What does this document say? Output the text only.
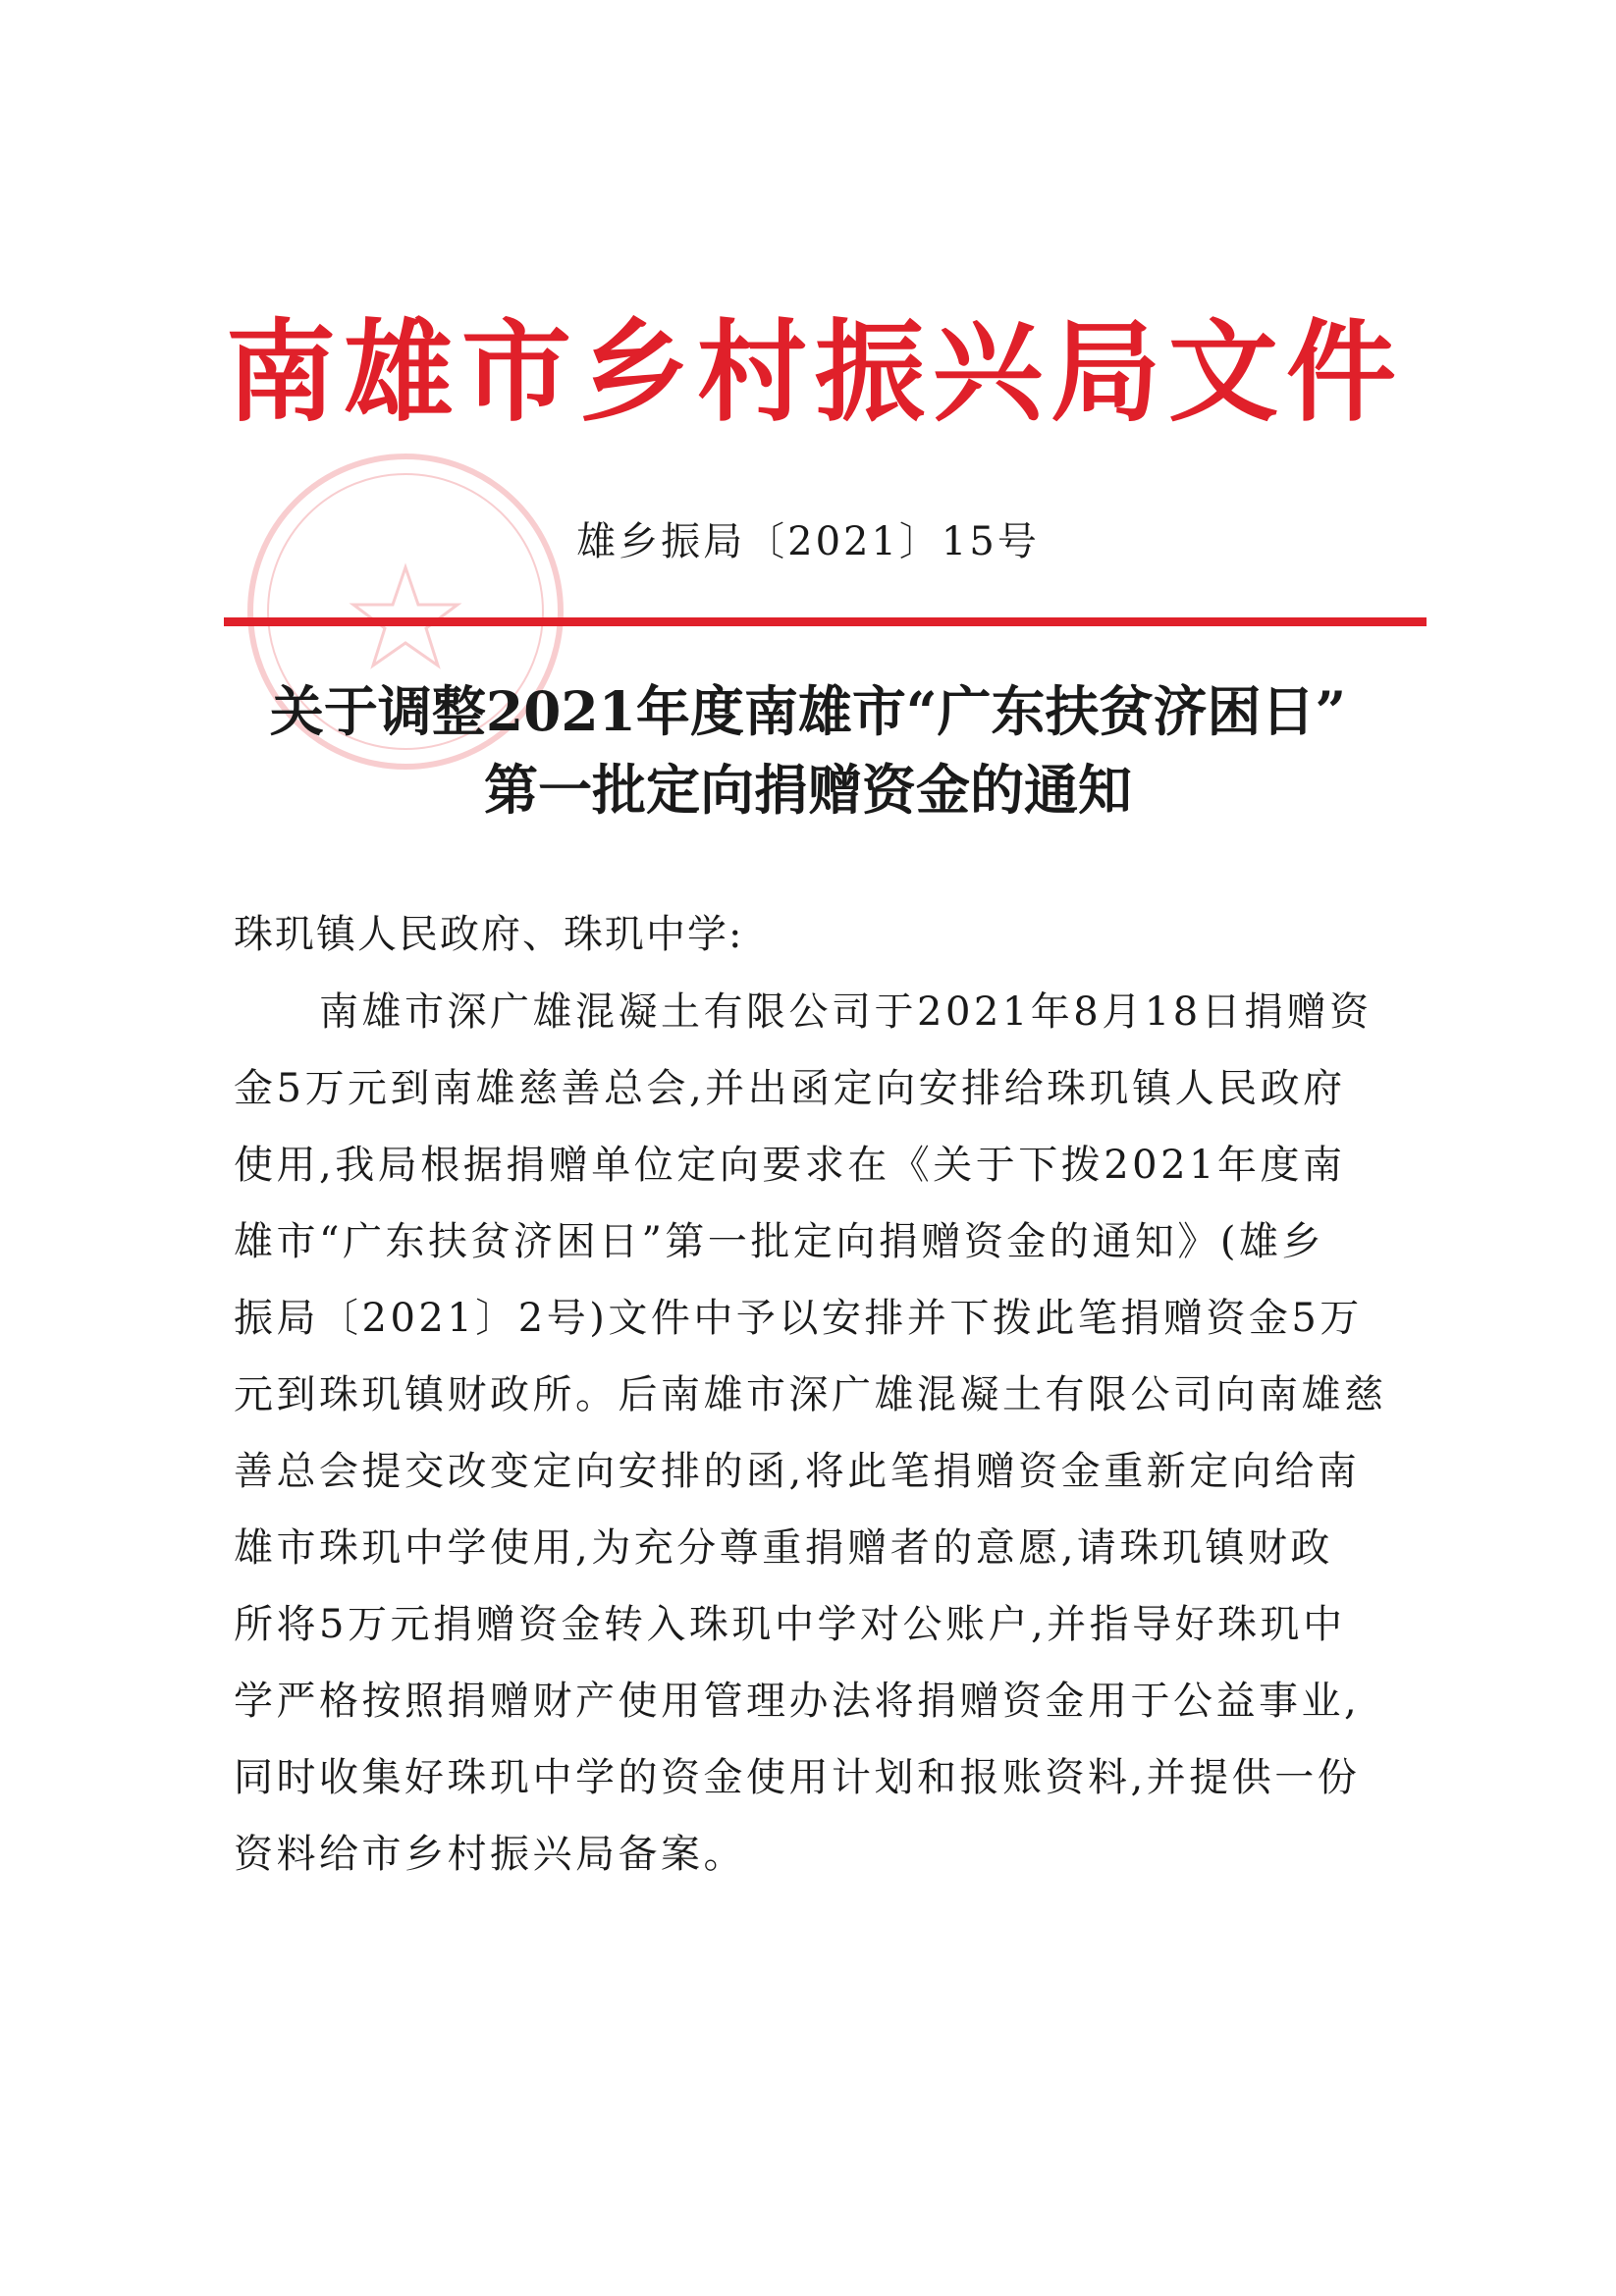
南雄市乡村振兴局文件
雄乡振局〔2021〕15号
关于调整2021年度南雄市“广东扶贫济困日”
第一批定向捐赠资金的通知
珠玑镇人民政府、珠玑中学:
　　南雄市深广雄混凝土有限公司于2021年8月18日捐赠资
金5万元到南雄慈善总会,并出函定向安排给珠玑镇人民政府
使用,我局根据捐赠单位定向要求在《关于下拨2021年度南
雄市“广东扶贫济困日”第一批定向捐赠资金的通知》(雄乡
振局〔2021〕2号)文件中予以安排并下拨此笔捐赠资金5万
元到珠玑镇财政所。后南雄市深广雄混凝土有限公司向南雄慈
善总会提交改变定向安排的函,将此笔捐赠资金重新定向给南
雄市珠玑中学使用,为充分尊重捐赠者的意愿,请珠玑镇财政
所将5万元捐赠资金转入珠玑中学对公账户,并指导好珠玑中
学严格按照捐赠财产使用管理办法将捐赠资金用于公益事业,
同时收集好珠玑中学的资金使用计划和报账资料,并提供一份
资料给市乡村振兴局备案。
